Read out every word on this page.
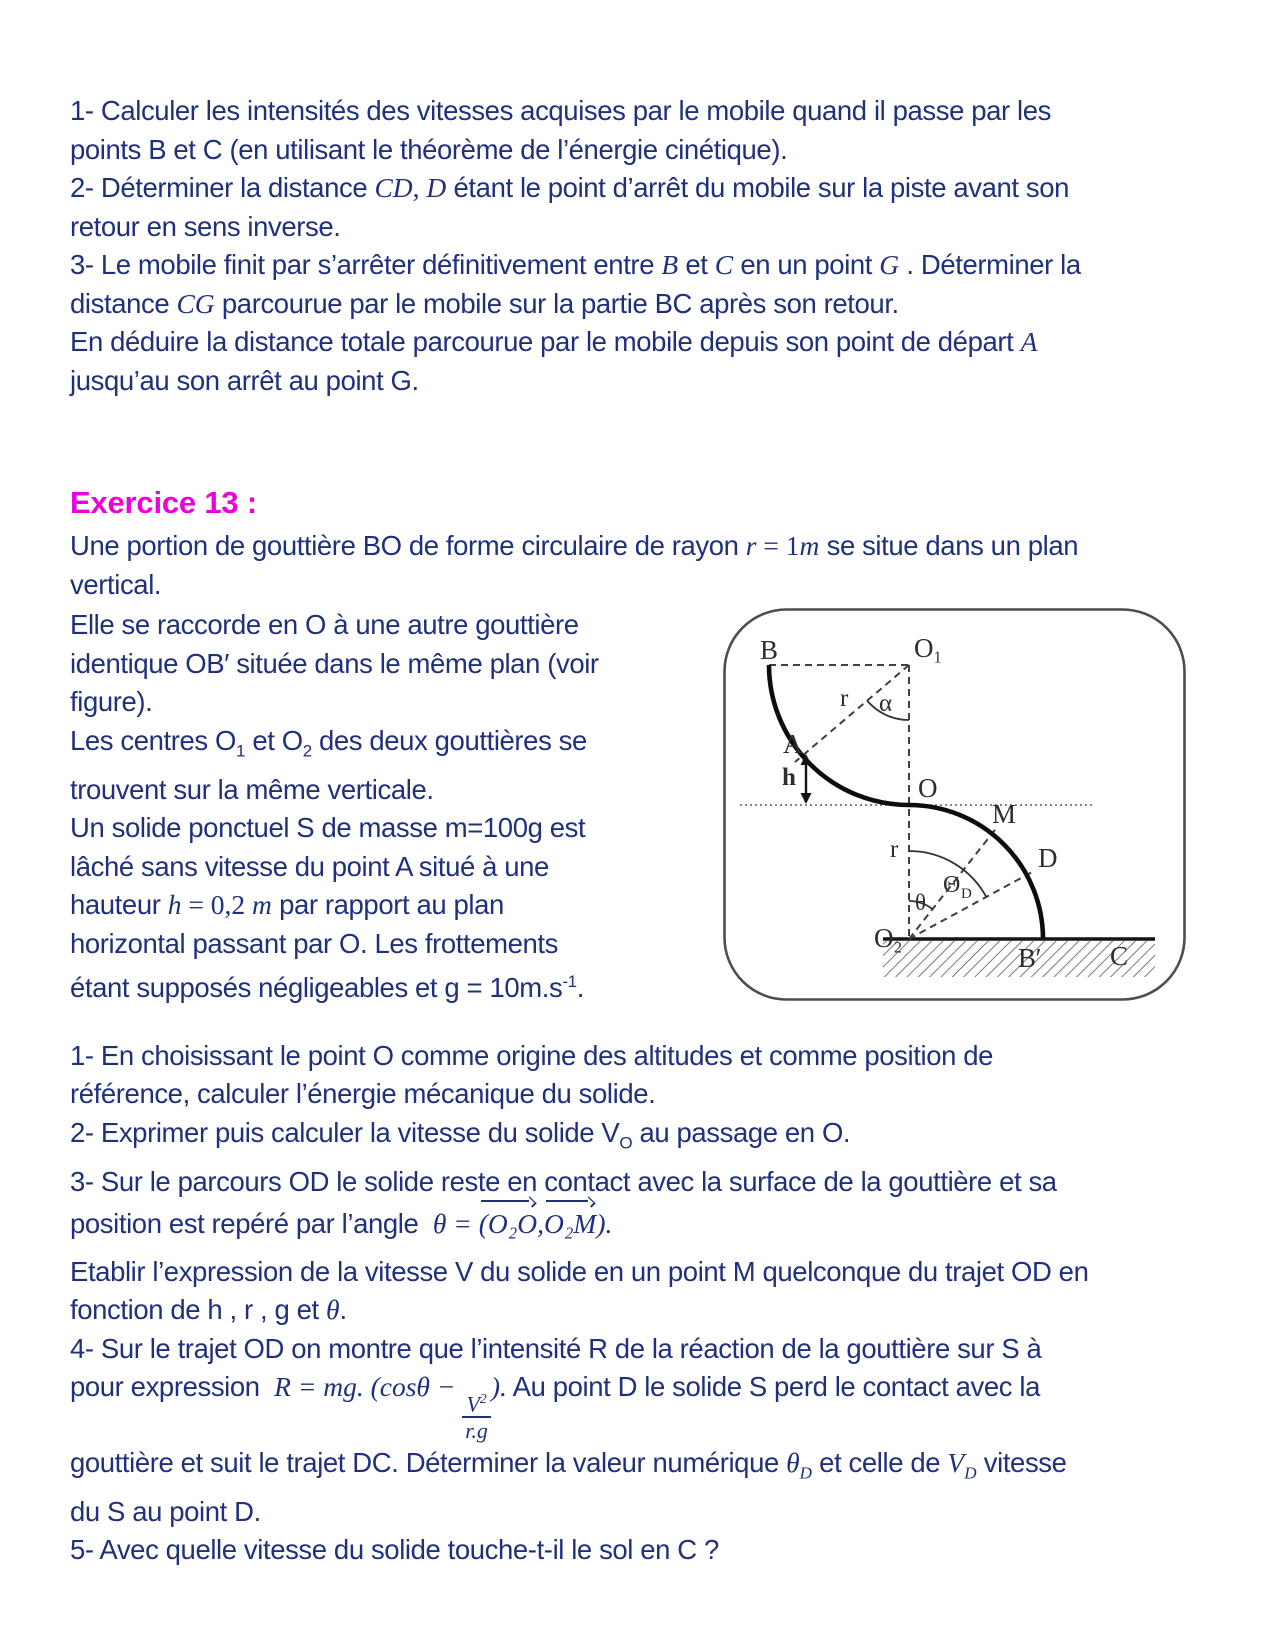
1- Calculer les intensités des vitesses acquises par le mobile quand il passe par les
points B et C (en utilisant le théorème de l’énergie cinétique).
2- Déterminer la distance CD, D étant le point d’arrêt du mobile sur la piste avant son
retour en sens inverse.
3- Le mobile finit par s’arrêter définitivement entre B et C en un point G . Déterminer la
distance CG parcourue par le mobile sur la partie BC après son retour.
En déduire la distance totale parcourue par le mobile depuis son point de départ A
jusqu’au son arrêt au point G.
Exercice 13 :
Une portion de gouttière BO de forme circulaire de rayon r = 1m se situe dans un plan
vertical.
Elle se raccorde en O à une autre gouttière
identique OB′ située dans le même plan (voir
figure).
Les centres $O_1$ et $O_2$ des deux gouttières se
trouvent sur la même verticale.
Un solide ponctuel S de masse m=100g est
lâché sans vitesse du point A situé à une
hauteur h = 0,2 m par rapport au plan
horizontal passant par O. Les frottements
étant supposés négligeables et $g = 10m.s^{-1}$.
B	O₁
r α
A
h	O
M
r	D
Θ D
θ
O₂
B′	C
1- En choisissant le point O comme origine des altitudes et comme position de
référence, calculer l’énergie mécanique du solide.
2- Exprimer puis calculer la vitesse du solide $V_O$ au passage en O.
3- Sur le parcours OD le solide reste en contact avec la surface de la gouttière et sa
position est repéré par l’angle  θ = (O₂O,O₂M).
Etablir l’expression de la vitesse V du solide en un point M quelconque du trajet OD en
fonction de h , r , g et θ.
4- Sur le trajet OD on montre que l’intensité R de la réaction de la gouttière sur S à
pour expression  R = mg. (cosθ −
$\frac{V^2}{r.g}$
). Au point D le solide S perd le contact avec la
gouttière et suit le trajet DC. Déterminer la valeur numérique $\theta_D$ et celle de $V_D$ vitesse
du S au point D.
5- Avec quelle vitesse du solide touche-t-il le sol en C ?
